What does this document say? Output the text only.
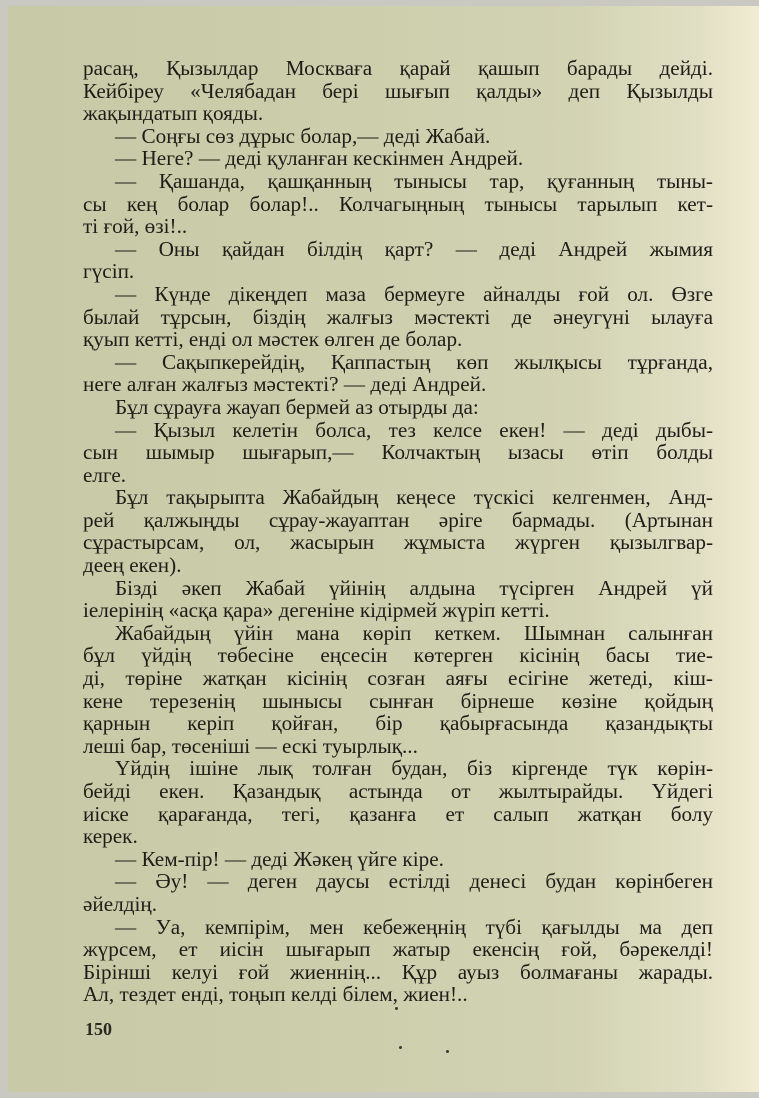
расаң, Қызылдар Москваға қарай қашып барады дейді.
Кейбіреу «Челябадан бері шығып қалды» деп Қызылды
жақындатып қояды.

— Соңғы сөз дұрыс болар,— деді Жабай.

— Неге? — деді қуланған кескінмен Андрей.

— Қашанда, қашқанның тынысы тар, қуғанның тыны-
сы кең болар болар!.. Колчагыңның тынысы тарылып кет-
ті ғой, өзі!..

— Оны қайдан білдің қарт? — деді Андрей жымия
гүсіп.

— Күнде дікеңдеп маза бермеуге айналды ғой ол. Өзге
былай тұрсын, біздің жалғыз мәстекті де әнеугүні ылауға
қуып кетті, енді ол мәстек өлген де болар.

— Сақыпкерейдің, Қаппастың көп жылқысы тұрғанда,
неге алған жалғыз мәстекті? — деді Андрей.

Бұл сұрауға жауап бермей аз отырды да:

— Қызыл келетін болса, тез келсе екен! — деді дыбы-
сын шымыр шығарып,— Колчактың ызасы өтіп болды
елге.

Бұл тақырыпта Жабайдың кеңесе түскісі келгенмен, Анд-
рей қалжыңды сұрау-жауаптан әріге бармады. (Артынан
сұрастырсам, ол, жасырын жұмыста жүрген қызылгвар-
деең екен).

Бізді әкеп Жабай үйінің алдына түсірген Андрей үй
іелерінің «асқа қара» дегеніне кідірмей жүріп кетті.

Жабайдың үйін мана көріп кеткем. Шымнан салынған
бұл үйдің төбесіне еңсесін көтерген кісінің басы тие-
ді, төріне жатқан кісінің созған аяғы есігіне жетеді, кіш-
кене терезенің шынысы сынған бірнеше көзіне қойдың
қарнын керіп қойған, бір қабырғасында қазандықты
леші бар, төсеніші — ескі туырлық...

Үйдің ішіне лық толған будан, біз кіргенде түк көрін-
бейді екен. Қазандық астында от жылтырайды. Үйдегі
иіске қарағанда, тегі, қазанға ет салып жатқан болу
керек.

— Кем-пір! — деді Жәкең үйге кіре.

— Әу! — деген даусы естілді денесі будан көрінбеген
әйелдің.

— Уа, кемпірім, мен кебежеңнің түбі қағылды ма деп
жүрсем, ет иісін шығарып жатыр екенсің ғой, бәрекелді!
Бірінші келуі ғой жиеннің... Құр ауыз болмағаны жарады.
Ал, тездет енді, тоңып келді білем, жиен!..

150
